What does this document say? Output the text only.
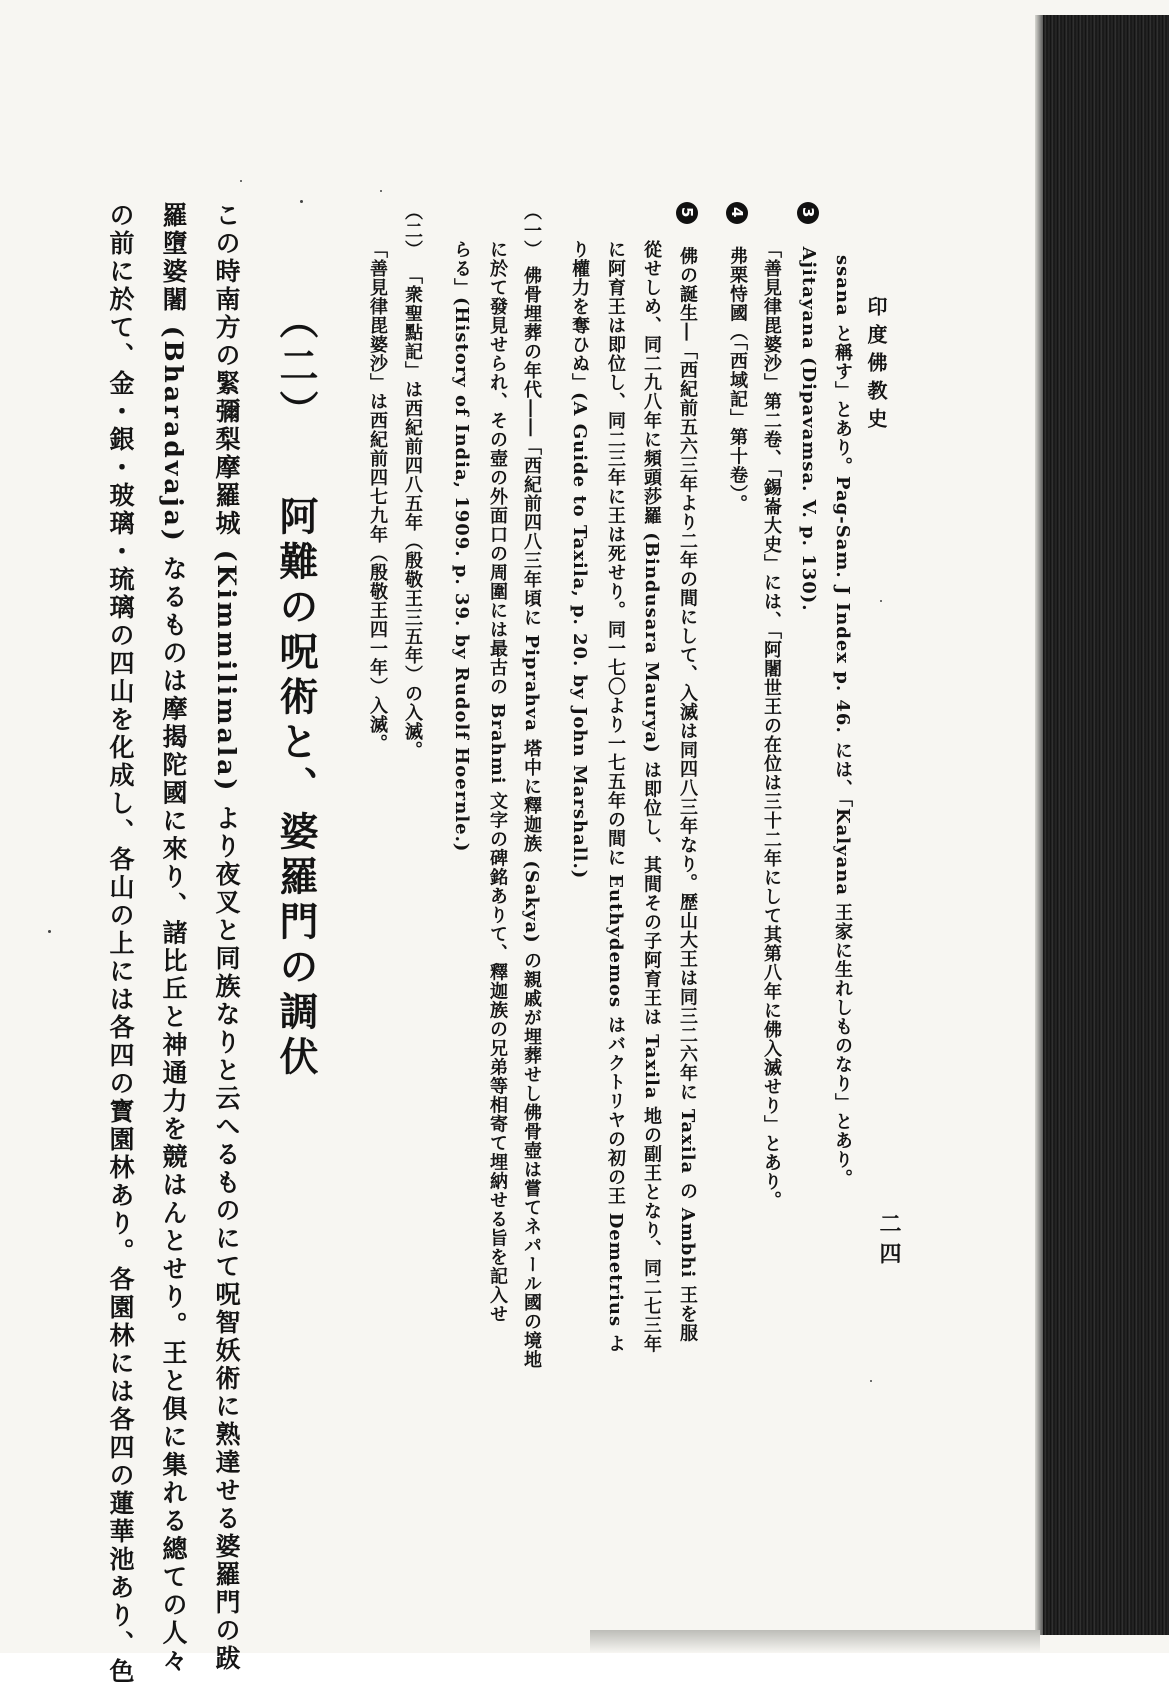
印度佛教史
二四
ssana と稱す」とあり。Pag-Sam. J Index p. 46. には、「Kalyana 王家に生れしものなり」とあり。
3  Ajitayana (Dipavamsa. V. p. 130).
「善見律毘婆沙」第二卷、「錫崙大史」には、「阿闍世王の在位は三十二年にして其第八年に佛入滅せり」とあり。
4  弗栗恃國（「西域記」第十卷）。
5  佛の誕生―「西紀前五六三年より二年の間にして、入滅は同四八三年なり。歴山大王は同三二六年に Taxila の Ambhi 王を服
從せしめ、同二九八年に頻頭莎羅 (Bindusara Maurya) は即位し、其間その子阿育王は Taxila 地の副王となり、同二七三年
に阿育王は即位し、同二三年に王は死せり。同一七〇より一七五年の間に Euthydemos はバクトリヤの初の王 Demetrius よ
り權力を奪ひぬ」(A Guide to Taxila, p. 20. by John Marshall.)
（一） 佛骨埋葬の年代――「西紀前四八三年頃に Piprahva 塔中に釋迦族 (Sakya) の親戚が埋葬せし佛骨壺は嘗てネパール國の境地
に於て發見せられ、その壺の外面口の周圍には最古の Brahmi 文字の碑銘ありて、釋迦族の兄弟等相寄て埋納せる旨を記入せ
らる」(History of India, 1909. p. 39. by Rudolf Hoernle.)
（二） 「衆聖點記」は西紀前四八五年（殷敬王三五年）の入滅。
「善見律毘婆沙」は西紀前四七九年（殷敬王四一年）入滅。
（二）  阿難の呪術と、婆羅門の調伏
この時南方の緊彌梨摩羅城 (Kimmilimala) より夜叉と同族なりと云へるものにて呪智妖術に熟達せる婆羅門の跋
羅墮婆闍 (Bharadvaja) なるものは摩揭陀國に來り、諸比丘と神通力を競はんとせり。王と俱に集れる總ての人々
の前に於て、金・銀・玻璃・琉璃の四山を化成し、各山の上には各四の寳園林あり。各園林には各四の蓮華池あり、色
